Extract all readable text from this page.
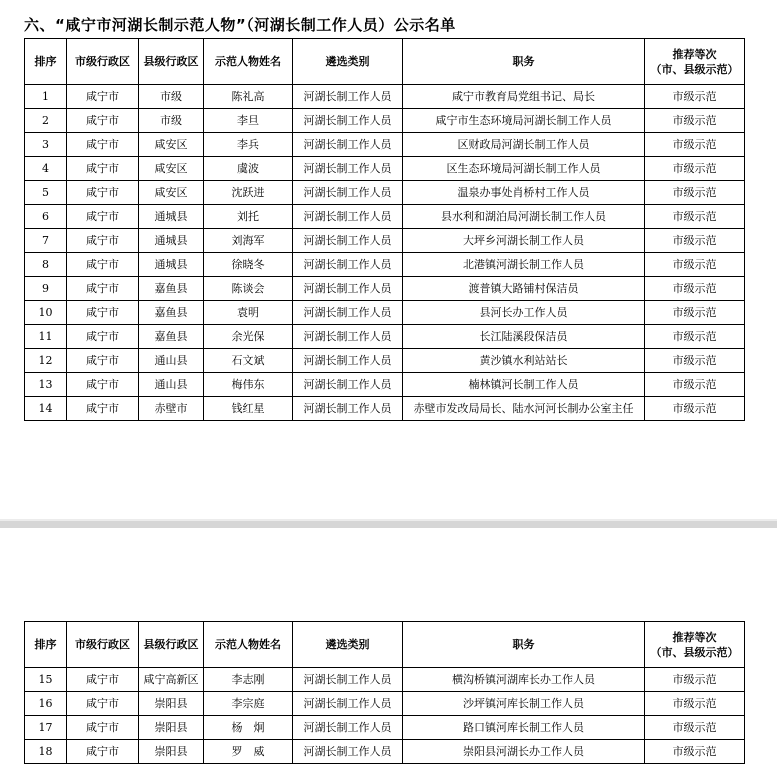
六、“咸宁市河湖长制示范人物”（河湖长制工作人员）公示名单
排序	市级行政区	县级行政区	示范人物姓名	遴选类别	职务	推荐等次
（市、县级示范）

1	咸宁市	市级	陈礼高	河湖长制工作人员	咸宁市教育局党组书记、局长	市级示范
2	咸宁市	市级	李旦	河湖长制工作人员	咸宁市生态环境局河湖长制工作人员	市级示范
3	咸宁市	咸安区	李兵	河湖长制工作人员	区财政局河湖长制工作人员	市级示范
4	咸宁市	咸安区	虞波	河湖长制工作人员	区生态环境局河湖长制工作人员	市级示范
5	咸宁市	咸安区	沈跃进	河湖长制工作人员	温泉办事处肖桥村工作人员	市级示范
6	咸宁市	通城县	刘托	河湖长制工作人员	县水利和湖泊局河湖长制工作人员	市级示范
7	咸宁市	通城县	刘海军	河湖长制工作人员	大坪乡河湖长制工作人员	市级示范
8	咸宁市	通城县	徐晓冬	河湖长制工作人员	北港镇河湖长制工作人员	市级示范
9	咸宁市	嘉鱼县	陈谈会	河湖长制工作人员	渡普镇大路铺村保洁员	市级示范
10	咸宁市	嘉鱼县	袁明	河湖长制工作人员	县河长办工作人员	市级示范
11	咸宁市	嘉鱼县	余光保	河湖长制工作人员	长江陆溪段保洁员	市级示范
12	咸宁市	通山县	石文斌	河湖长制工作人员	黄沙镇水利站站长	市级示范
13	咸宁市	通山县	梅伟东	河湖长制工作人员	楠林镇河长制工作人员	市级示范
14	咸宁市	赤壁市	钱红星	河湖长制工作人员	赤壁市发改局局长、陆水河河长制办公室主任	市级示范
排序	市级行政区	县级行政区	示范人物姓名	遴选类别	职务	推荐等次
（市、县级示范）

15	咸宁市	咸宁高新区	李志刚	河湖长制工作人员	横沟桥镇河湖库长办工作人员	市级示范
16	咸宁市	崇阳县	李宗庭	河湖长制工作人员	沙坪镇河库长制工作人员	市级示范
17	咸宁市	崇阳县	杨　炯	河湖长制工作人员	路口镇河库长制工作人员	市级示范
18	咸宁市	崇阳县	罗　威	河湖长制工作人员	崇阳县河湖长办工作人员	市级示范
